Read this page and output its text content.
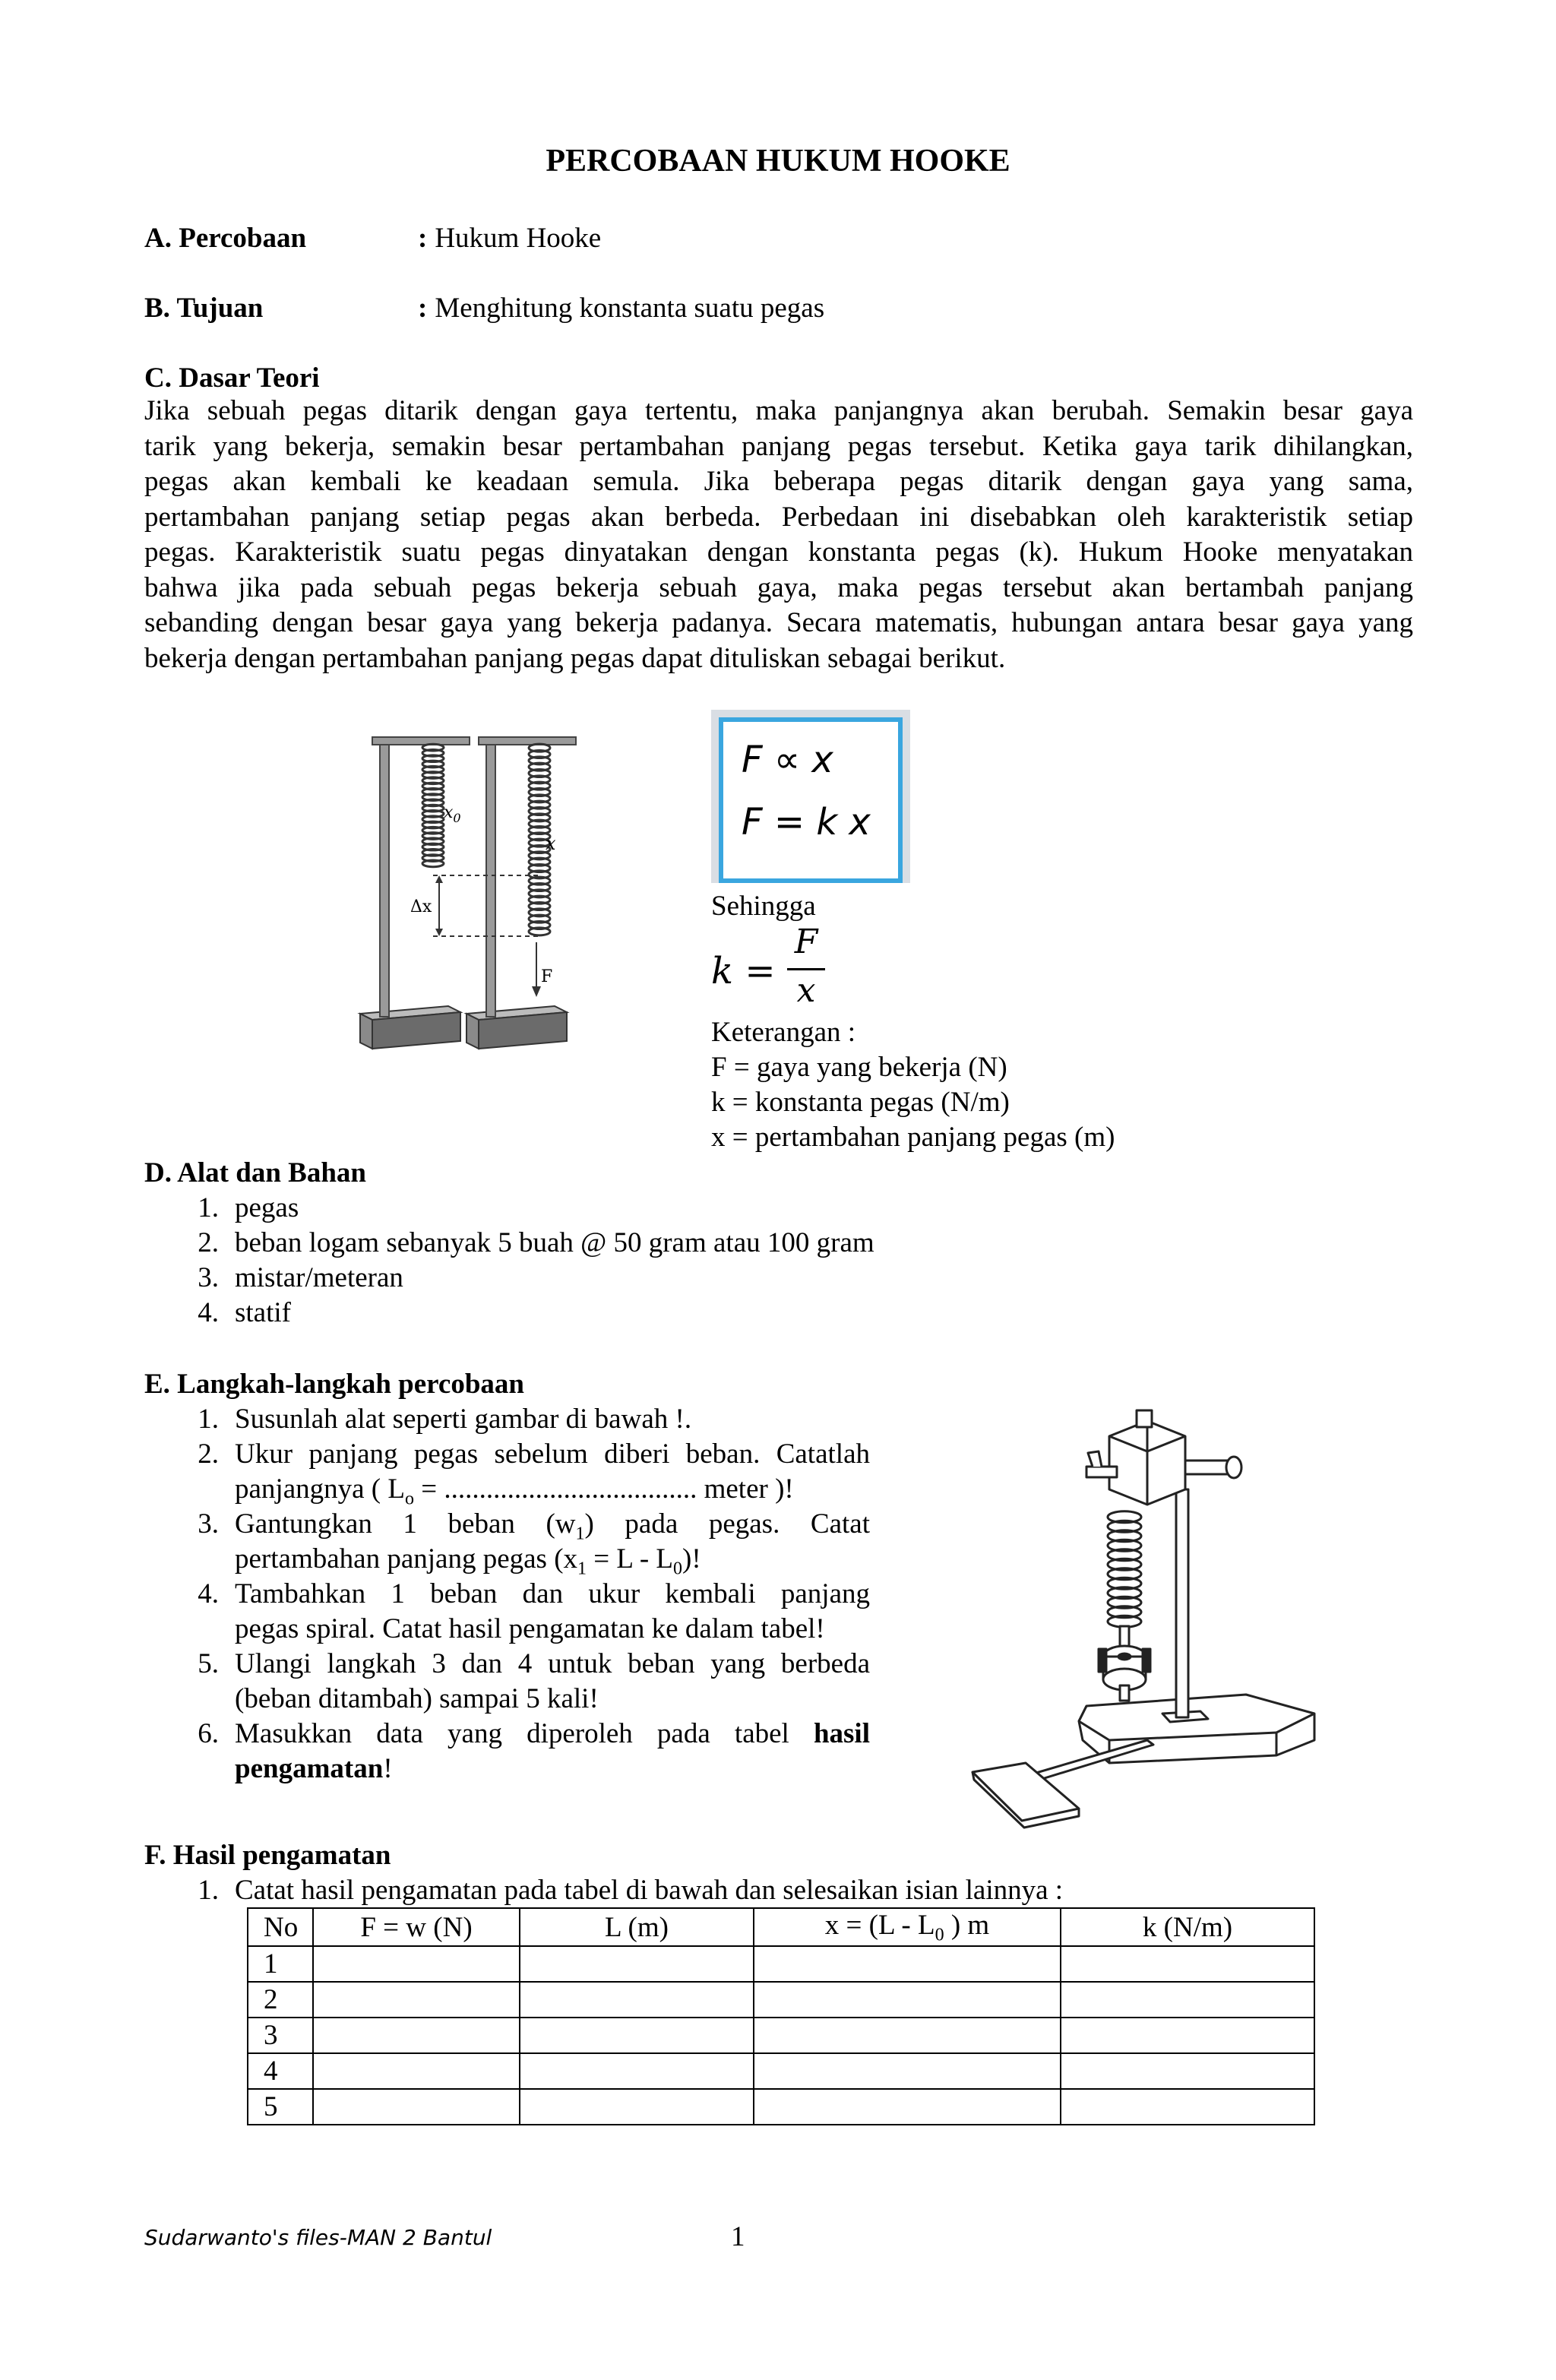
PERCOBAAN HUKUM HOOKE
A. Percobaan	: Hukum Hooke
B. Tujuan	: Menghitung konstanta suatu pegas
C. Dasar Teori
Jika sebuah pegas ditarik dengan gaya tertentu, maka panjangnya akan berubah. Semakin besar gaya
tarik yang bekerja, semakin besar pertambahan panjang pegas tersebut. Ketika gaya tarik dihilangkan,
pegas akan kembali ke keadaan semula. Jika beberapa pegas ditarik dengan gaya yang sama,
pertambahan panjang setiap pegas akan berbeda. Perbedaan ini disebabkan oleh karakteristik setiap
pegas. Karakteristik suatu pegas dinyatakan dengan konstanta pegas (k). Hukum Hooke menyatakan
bahwa jika pada sebuah pegas bekerja sebuah gaya, maka pegas tersebut akan bertambah panjang
sebanding dengan besar gaya yang bekerja padanya. Secara matematis, hubungan antara besar gaya yang
bekerja dengan pertambahan panjang pegas dapat dituliskan sebagai berikut.
$x_0$
x
Δx
F
F ∝ x
F = k x
Sehingga
k =
F
x
Keterangan :
F = gaya yang bekerja (N)
k = konstanta pegas (N/m)
x = pertambahan panjang pegas (m)
D. Alat dan Bahan
1. pegas
2. beban logam sebanyak 5 buah @ 50 gram atau 100 gram
3. mistar/meteran
4. statif
E. Langkah-langkah percobaan
1. Susunlah alat seperti gambar di bawah !.
2. Ukur panjang pegas sebelum diberi beban. Catatlah
panjangnya ( $L_o$ = .................................... meter )!
3. Gantungkan 1 beban $(w_1)$ pada pegas. Catat
pertambahan panjang pegas $(x_1 = L - L_0)$!
4. Tambahkan 1 beban dan ukur kembali panjang
pegas spiral. Catat hasil pengamatan ke dalam tabel!
5. Ulangi langkah 3 dan 4 untuk beban yang berbeda
(beban ditambah) sampai 5 kali!
6. Masukkan data yang diperoleh pada tabel hasil
pengamatan!
F. Hasil pengamatan
1. Catat hasil pengamatan pada tabel di bawah dan selesaikan isian lainnya :
No	F = w (N)	L (m)	$x = (L - L_0$ ) m	k (N/m)
1				
2				
3				
4				
5				
Sudarwanto's files-MAN 2 Bantul	1
